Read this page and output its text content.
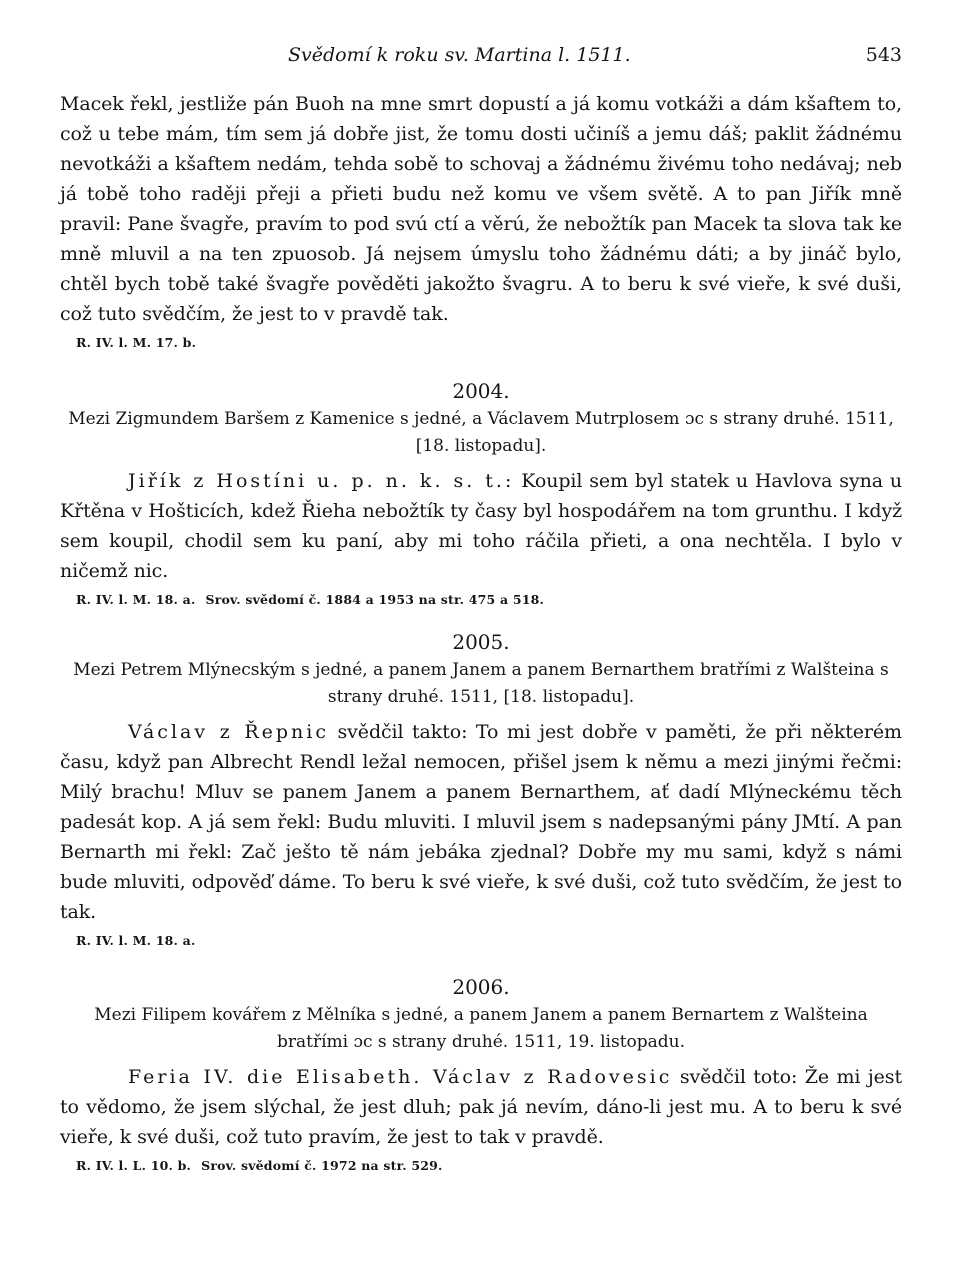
Svědomí k roku sv. Martina l. 1511.	543

Macek řekl, jestliže pán Buoh na mne smrt dopustí a já komu votkáži a dám kšaftem to, což u tebe mám, tím sem já dobře jist, že tomu dosti učiníš a jemu dáš; paklit žádnému nevotkáži a kšaftem nedám, tehda sobě to schovaj a žádnému živému toho nedávaj; neb já tobě toho raději přeji a přieti budu než komu ve všem světě. A to pan Jiřík mně pravil: Pane švagře, pravím to pod svú ctí a věrú, že nebožtík pan Macek ta slova tak ke mně mluvil a na ten zpuosob. Já nejsem úmyslu toho žádnému dáti; a by jináč bylo, chtěl bych tobě také švagře pověděti jakožto švagru. A to beru k své vieře, k své duši, což tuto svědčím, že jest to v pravdě tak.

R. IV. l. M. 17. b.

2004.

Mezi Zigmundem Baršem z Kamenice s jedné, a Václavem Mutrplosem ɔc s strany druhé. 1511, [18. listopadu].

Jiřík z Hostíni u. p. n. k. s. t.: Koupil sem byl statek u Havlova syna u Křtěna v Hošticích, kdež Řieha nebožtík ty časy byl hospodářem na tom grunthu. I když sem koupil, chodil sem ku paní, aby mi toho ráčila přieti, a ona nechtěla. I bylo v ničemž nic.

R. IV. l. M. 18. a. Srov. svědomí č. 1884 a 1953 na str. 475 a 518.

2005.

Mezi Petrem Mlýnecským s jedné, a panem Janem a panem Bernarthem bratřími z Walšteina s strany druhé. 1511, [18. listopadu].

Václav z Řepnic svědčil takto: To mi jest dobře v paměti, že při některém času, když pan Albrecht Rendl ležal nemocen, přišel jsem k němu a mezi jinými řečmi: Milý brachu! Mluv se panem Janem a panem Bernarthem, ať dadí Mlýneckému těch padesát kop. A já sem řekl: Budu mluviti. I mluvil jsem s nadepsanými pány JMtí. A pan Bernarth mi řekl: Zač ješto tě nám jebáka zjednal? Dobře my mu sami, když s námi bude mluviti, odpověď dáme. To beru k své vieře, k své duši, což tuto svědčím, že jest to tak.

R. IV. l. M. 18. a.

2006.

Mezi Filipem kovářem z Mělníka s jedné, a panem Janem a panem Bernartem z Walšteina bratřími ɔc s strany druhé. 1511, 19. listopadu.

Feria IV. die Elisabeth. Václav z Radovesic svědčil toto: Že mi jest to vědomo, že jsem slýchal, že jest dluh; pak já nevím, dáno-li jest mu. A to beru k své vieře, k své duši, což tuto pravím, že jest to tak v pravdě.

R. IV. l. L. 10. b. Srov. svědomí č. 1972 na str. 529.
